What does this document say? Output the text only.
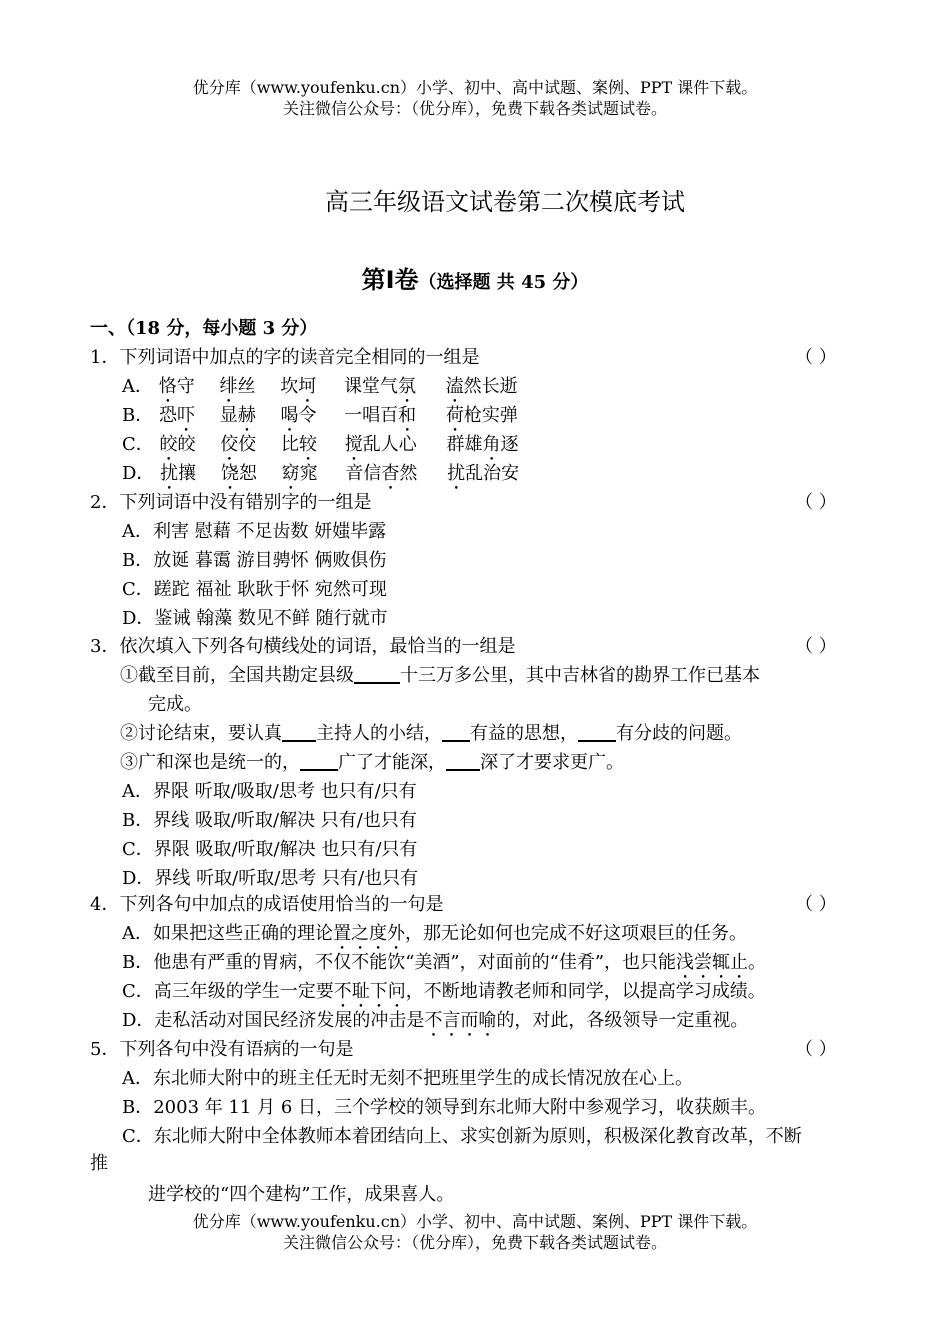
优分库（www.youfenku.cn）小学、初中、高中试题、案例、PPT 课件下载。
关注微信公众号：（优分库），免费下载各类试题试卷。
高三年级语文试卷第二次模底考试
第Ⅰ卷（选择题 共 45 分）
一、（18 分，每小题 3 分）
1．下列词语中加点的字的读音完全相同的一组是	（ ）
A． 恪守 绯丝 坎坷 课堂气氛 溘然长逝
B． 恐吓 显赫 喝令 一唱百和 荷枪实弹
C． 皎皎 佼佼 比较 搅乱人心 群雄角逐
D． 扰攘 饶恕 窈窕 音信杳然 扰乱治安
2．下列词语中没有错别字的一组是	（ ）
A．利害 慰藉 不足齿数 妍媸毕露
B．放诞 暮霭 游目骋怀 俩败俱伤
C．蹉跎 福祉 耿耿于怀 宛然可现
D．鉴诫 翰藻 数见不鲜 随行就市
3．依次填入下列各句横线处的词语，最恰当的一组是	（ ）
①截至目前，全国共勘定县级	十三万多公里，其中吉林省的勘界工作已基本
完成。
②讨论结束，要认真 主持人的小结， 有益的思想， 有分歧的问题。
③广和深也是统一的， 广了才能深， 深了才要求更广。
A．界限 听取/吸取/思考 也只有/只有
B．界线 吸取/听取/解决 只有/也只有
C．界限 吸取/听取/解决 也只有/只有
D．界线 听取/听取/思考 只有/也只有
4．下列各句中加点的成语使用恰当的一句是	（ ）
A．如果把这些正确的理论置之度外，那无论如何也完成不好这项艰巨的任务。
B．他患有严重的胃病，不仅不能饮“美酒”，对面前的“佳肴”，也只能浅尝辄止。
C．高三年级的学生一定要不耻下问，不断地请教老师和同学，以提高学习成绩。
D．走私活动对国民经济发展的冲击是不言而喻的，对此，各级领导一定重视。
5．下列各句中没有语病的一句是	（ ）
A．东北师大附中的班主任无时无刻不把班里学生的成长情况放在心上。
B．2003 年 11 月 6 日，三个学校的领导到东北师大附中参观学习，收获颇丰。
C．东北师大附中全体教师本着团结向上、求实创新为原则，积极深化教育改革，不断
推
进学校的“四个建构”工作，成果喜人。
优分库（www.youfenku.cn）小学、初中、高中试题、案例、PPT 课件下载。
关注微信公众号：（优分库），免费下载各类试题试卷。
